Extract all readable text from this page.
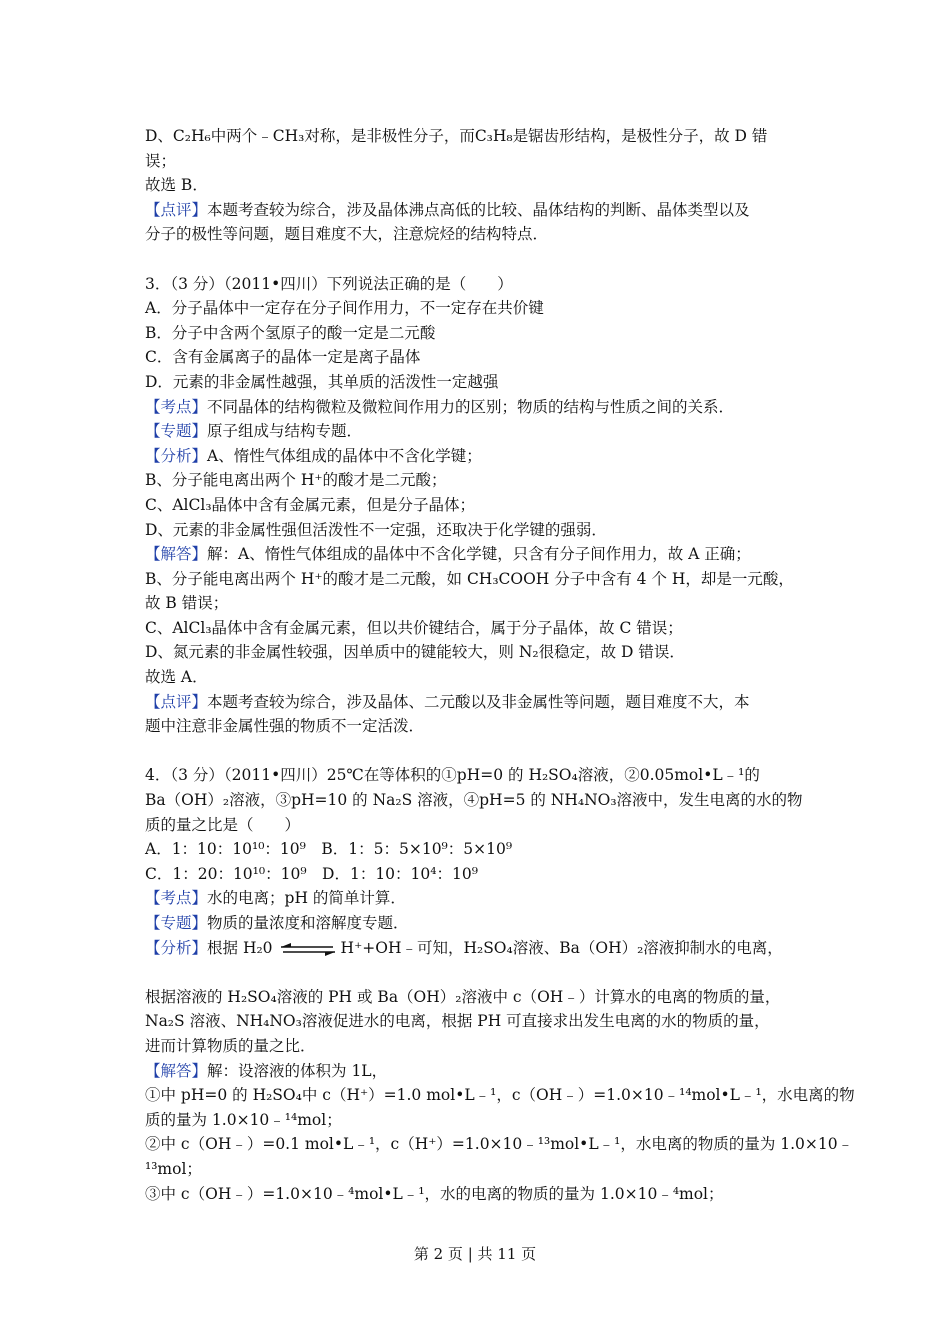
D、C₂H₆中两个﹣CH₃对称，是非极性分子，而C₃H₈是锯齿形结构，是极性分子，故 D 错
误；
故选 B．
【点评】本题考查较为综合，涉及晶体沸点高低的比较、晶体结构的判断、晶体类型以及
分子的极性等问题，题目难度不大，注意烷烃的结构特点．
3．（3 分）（2011•四川）下列说法正确的是（　　）
A．分子晶体中一定存在分子间作用力，不一定存在共价键
B．分子中含两个氢原子的酸一定是二元酸
C．含有金属离子的晶体一定是离子晶体
D．元素的非金属性越强，其单质的活泼性一定越强
【考点】不同晶体的结构微粒及微粒间作用力的区别；物质的结构与性质之间的关系．
【专题】原子组成与结构专题．
【分析】A、惰性气体组成的晶体中不含化学键；
B、分子能电离出两个 H⁺的酸才是二元酸；
C、AlCl₃晶体中含有金属元素，但是分子晶体；
D、元素的非金属性强但活泼性不一定强，还取决于化学键的强弱．
【解答】解：A、惰性气体组成的晶体中不含化学键，只含有分子间作用力，故 A 正确；
B、分子能电离出两个 H⁺的酸才是二元酸，如 CH₃COOH 分子中含有 4 个 H，却是一元酸，
故 B 错误；
C、AlCl₃晶体中含有金属元素，但以共价键结合，属于分子晶体，故 C 错误；
D、氮元素的非金属性较强，因单质中的键能较大，则 N₂很稳定，故 D 错误．
故选 A．
【点评】本题考查较为综合，涉及晶体、二元酸以及非金属性等问题，题目难度不大，本
题中注意非金属性强的物质不一定活泼．
4．（3 分）（2011•四川）25℃在等体积的①pH=0 的 H₂SO₄溶液，②0.05mol•L﹣¹的
Ba（OH）₂溶液，③pH=10 的 Na₂S 溶液，④pH=5 的 NH₄NO₃溶液中，发生电离的水的物
质的量之比是（　　）
A．1：10：10¹⁰：10⁹　B．1：5：5×10⁹：5×10⁹
C．1：20：10¹⁰：10⁹　D．1：10：10⁴：10⁹
【考点】水的电离；pH 的简单计算．
【专题】物质的量浓度和溶解度专题．
【分析】根据 H₂0 ⇌ H⁺+OH﹣可知，H₂SO₄溶液、Ba（OH）₂溶液抑制水的电离，
根据溶液的 H₂SO₄溶液的 PH 或 Ba（OH）₂溶液中 c（OH﹣）计算水的电离的物质的量，
Na₂S 溶液、NH₄NO₃溶液促进水的电离，根据 PH 可直接求出发生电离的水的物质的量，
进而计算物质的量之比．
【解答】解：设溶液的体积为 1L，
①中 pH=0 的 H₂SO₄中 c（H⁺）=1.0 mol•L﹣¹，c（OH﹣）=1.0×10﹣¹⁴mol•L﹣¹，水电离的物
质的量为 1.0×10﹣¹⁴mol；
②中 c（OH﹣）=0.1 mol•L﹣¹，c（H⁺）=1.0×10﹣¹³mol•L﹣¹，水电离的物质的量为 1.0×10﹣
¹³mol；
③中 c（OH﹣）=1.0×10﹣⁴mol•L﹣¹，水的电离的物质的量为 1.0×10﹣⁴mol；
第 2 页 | 共 11 页
